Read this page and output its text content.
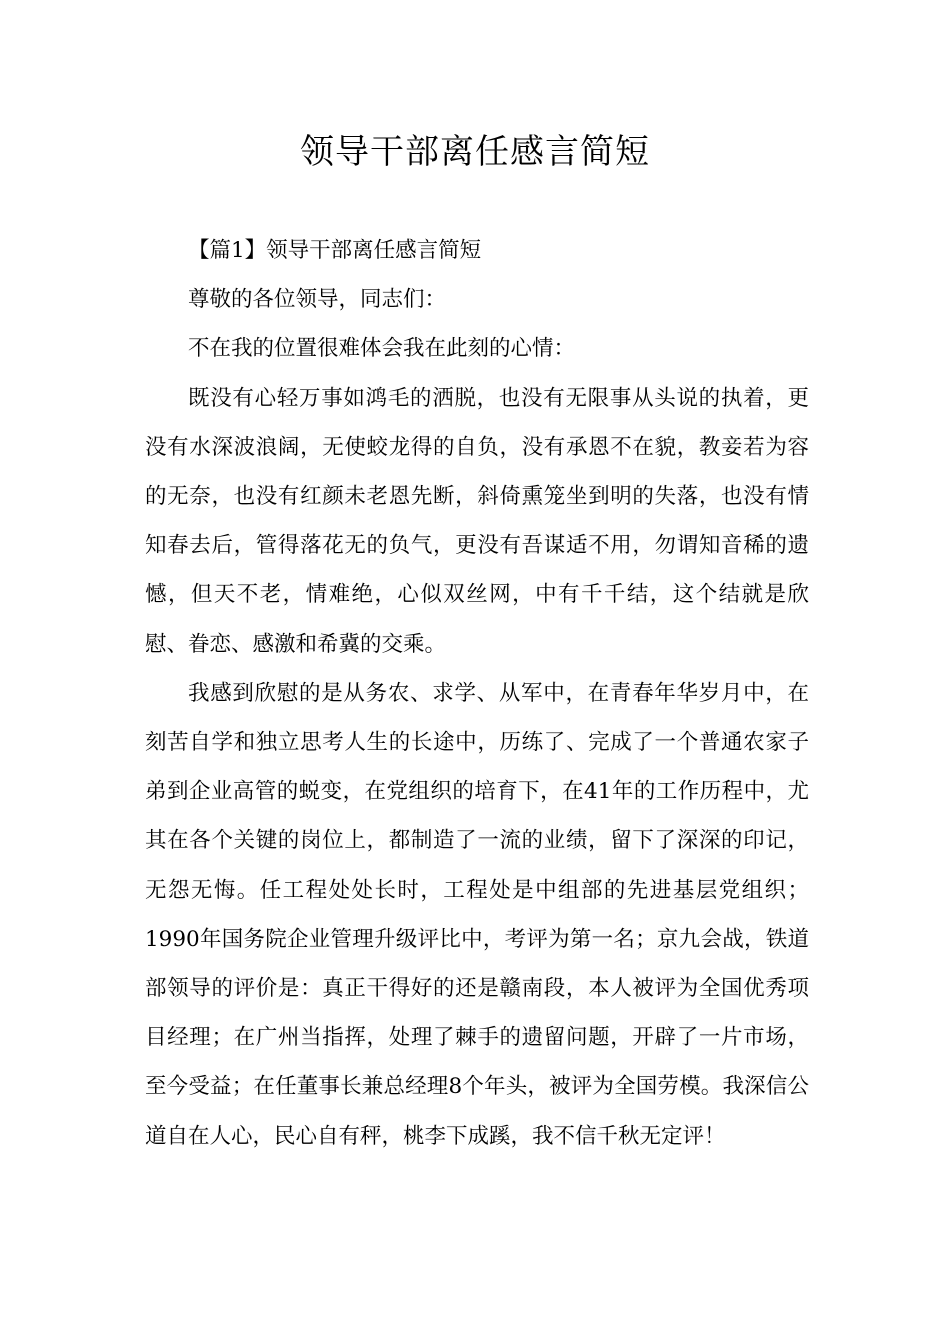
领导干部离任感言简短

【篇1】领导干部离任感言简短

尊敬的各位领导，同志们：

不在我的位置很难体会我在此刻的心情：

既没有心轻万事如鸿毛的洒脱，也没有无限事从头说的执着，更没有水深波浪阔，无使蛟龙得的自负，没有承恩不在貌，教妾若为容的无奈，也没有红颜未老恩先断，斜倚熏笼坐到明的失落，也没有情知春去后，管得落花无的负气，更没有吾谋适不用，勿谓知音稀的遗憾，但天不老，情难绝，心似双丝网，中有千千结，这个结就是欣慰、眷恋、感激和希冀的交乘。

我感到欣慰的是从务农、求学、从军中，在青春年华岁月中，在刻苦自学和独立思考人生的长途中，历练了、完成了一个普通农家子弟到企业高管的蜕变，在党组织的培育下，在41年的工作历程中，尤其在各个关键的岗位上，都制造了一流的业绩，留下了深深的印记，无怨无悔。任工程处处长时，工程处是中组部的先进基层党组织；1990年国务院企业管理升级评比中，考评为第一名；京九会战，铁道部领导的评价是：真正干得好的还是赣南段，本人被评为全国优秀项目经理；在广州当指挥，处理了棘手的遗留问题，开辟了一片市场，至今受益；在任董事长兼总经理8个年头，被评为全国劳模。我深信公道自在人心，民心自有秤，桃李下成蹊，我不信千秋无定评！
